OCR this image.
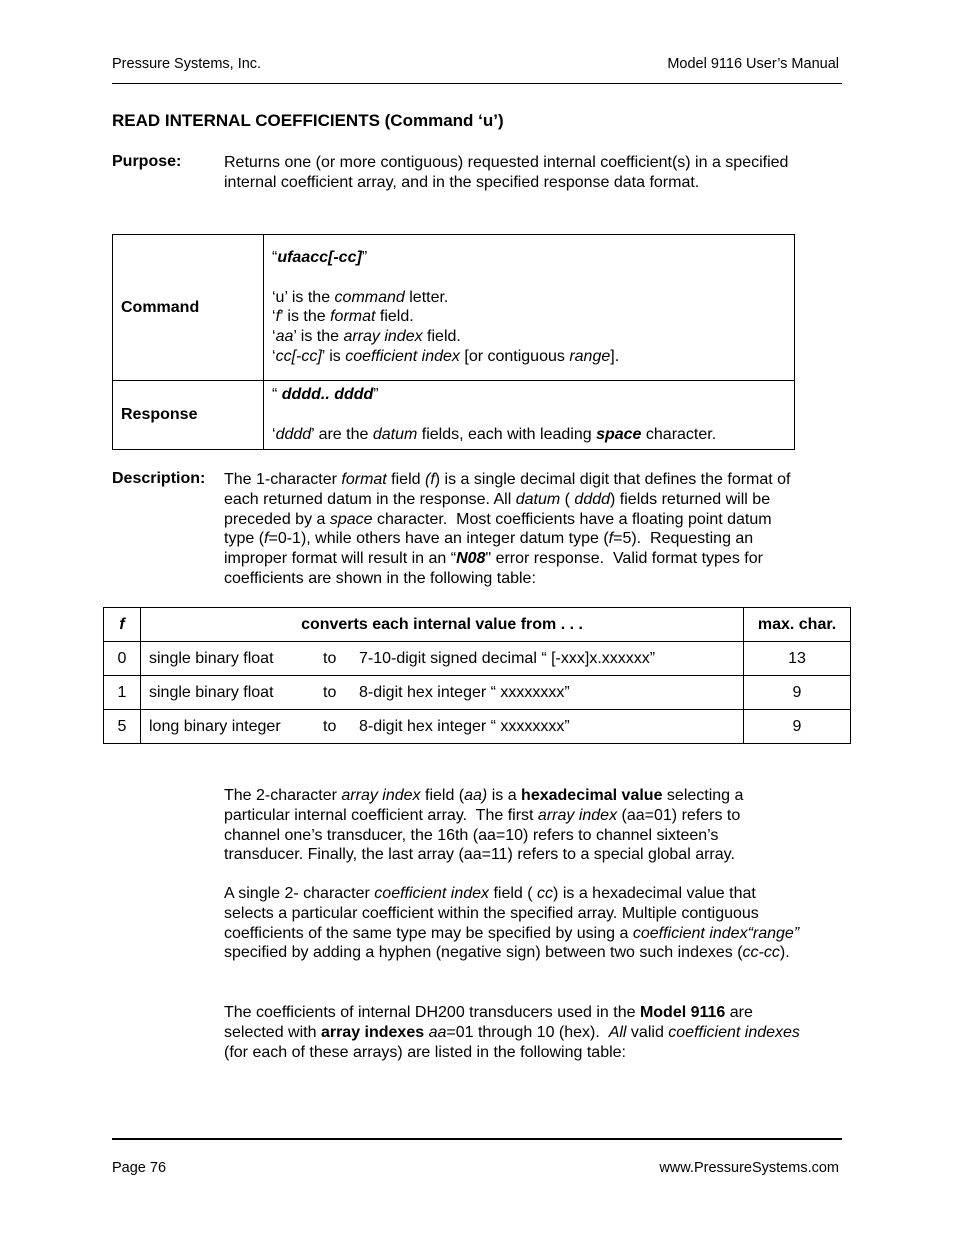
Pressure Systems, Inc.	Model 9116 User’s Manual
READ INTERNAL COEFFICIENTS (Command ‘u’)
Purpose:	Returns one (or more contiguous) requested internal coefficient(s) in a specified

internal coefficient array, and in the specified response data format.

Command	“ufaacc[-cc]”
‘u’ is the command letter.
‘f’ is the format field.
‘aa’ is the array index field.
‘cc[-cc]’ is coefficient index [or contiguous range].

Response	“ dddd.. dddd”
‘dddd’ are the datum fields, each with leading space character.
Description: The 1-character format field (f) is a single decimal digit that defines the format of

each returned datum in the response. All datum ( dddd) fields returned will be

preceded by a space character.  Most coefficients have a floating point datum

type (f=0-1), while others have an integer datum type (f=5).  Requesting an

improper format will result in an “N08" error response.  Valid format types for

coefficients are shown in the following table:

f	converts each internal value from . . .	max. char.
0	single binary float to 7-10-digit signed decimal “ [-xxx]x.xxxxxx”	13
1	single binary float to 8-digit hex integer “ xxxxxxxx”	9
5	long binary integer to 8-digit hex integer “ xxxxxxxx”	9

The 2-character array index field (aa) is a hexadecimal value selecting a

particular internal coefficient array.  The first array index (aa=01) refers to

channel one’s transducer, the 16th (aa=10) refers to channel sixteen’s

transducer. Finally, the last array (aa=11) refers to a special global array.

A single 2- character coefficient index field ( cc) is a hexadecimal value that

selects a particular coefficient within the specified array. Multiple contiguous

coefficients of the same type may be specified by using a coefficient index“range”

specified by adding a hyphen (negative sign) between two such indexes (cc-cc).

The coefficients of internal DH200 transducers used in the Model 9116 are

selected with array indexes aa=01 through 10 (hex).  All valid coefficient indexes

(for each of these arrays) are listed in the following table:

Page 76	www.PressureSystems.com
